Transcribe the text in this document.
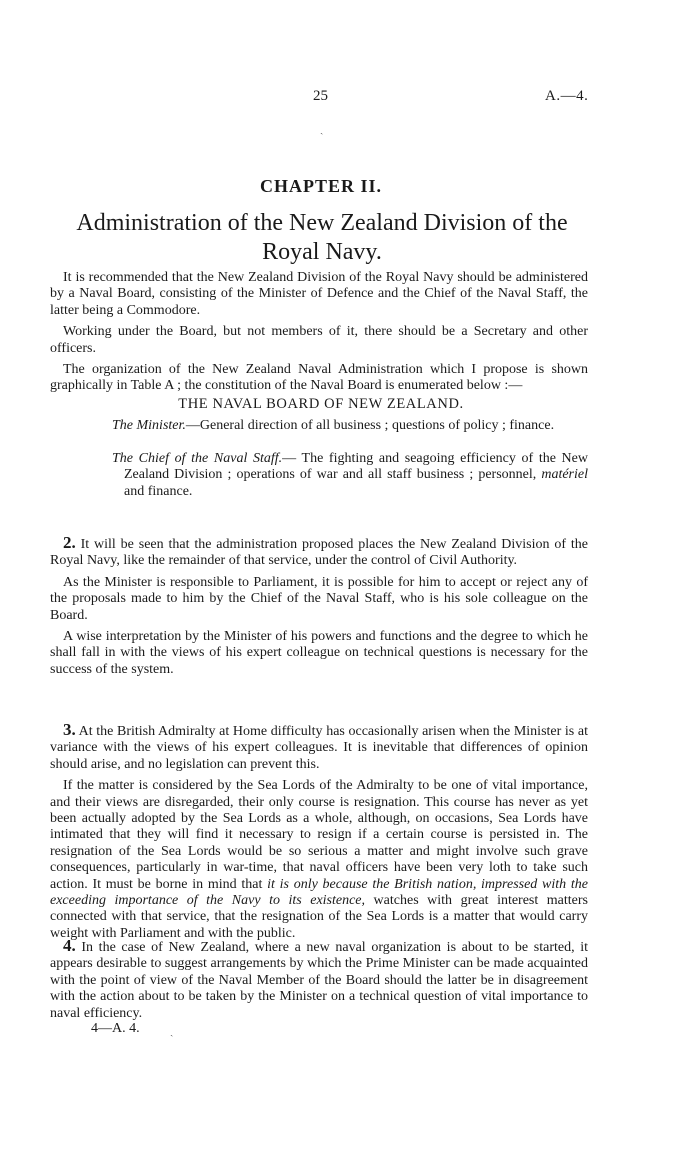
25	A.—4.
ˎ
CHAPTER II.
Administration of the New Zealand Division of the
Royal Navy.

It is recommended that the New Zealand Division of the Royal Navy should be administered by a Naval Board, consisting of the Minister of Defence and the Chief of the Naval Staff, the latter being a Commodore.

Working under the Board, but not members of it, there should be a Secretary and other officers.

The organization of the New Zealand Naval Administration which I propose is shown graphically in Table A ; the constitution of the Naval Board is enumerated below :—

THE NAVAL BOARD OF NEW ZEALAND.
The Minister.—General direction of all business ; questions of policy ; finance.
The Chief of the Naval Staff.— The fighting and seagoing efficiency of the New Zealand Division ; operations of war and all staff business ; personnel, matériel and finance.

2. It will be seen that the administration proposed places the New Zealand Division of the Royal Navy, like the remainder of that service, under the control of Civil Authority.

As the Minister is responsible to Parliament, it is possible for him to accept or reject any of the proposals made to him by the Chief of the Naval Staff, who is his sole colleague on the Board.

A wise interpretation by the Minister of his powers and functions and the degree to which he shall fall in with the views of his expert colleague on technical questions is necessary for the success of the system.

3. At the British Admiralty at Home difficulty has occasionally arisen when the Minister is at variance with the views of his expert colleagues. It is inevitable that differences of opinion should arise, and no legislation can prevent this.

If the matter is considered by the Sea Lords of the Admiralty to be one of vital importance, and their views are disregarded, their only course is resignation. This course has never as yet been actually adopted by the Sea Lords as a whole, although, on occasions, Sea Lords have intimated that they will find it necessary to resign if a certain course is persisted in. The resignation of the Sea Lords would be so serious a matter and might involve such grave consequences, particularly in war-time, that naval officers have been very loth to take such action. It must be borne in mind that it is only because the British nation, impressed with the exceeding importance of the Navy to its existence, watches with great interest matters connected with that service, that the resignation of the Sea Lords is a matter that would carry weight with Parliament and with the public.

4. In the case of New Zealand, where a new naval organization is about to be started, it appears desirable to suggest arrangements by which the Prime Minister can be made acquainted with the point of view of the Naval Member of the Board should the latter be in disagreement with the action about to be taken by the Minister on a technical question of vital importance to naval efficiency.

4—A. 4.	ˎ
